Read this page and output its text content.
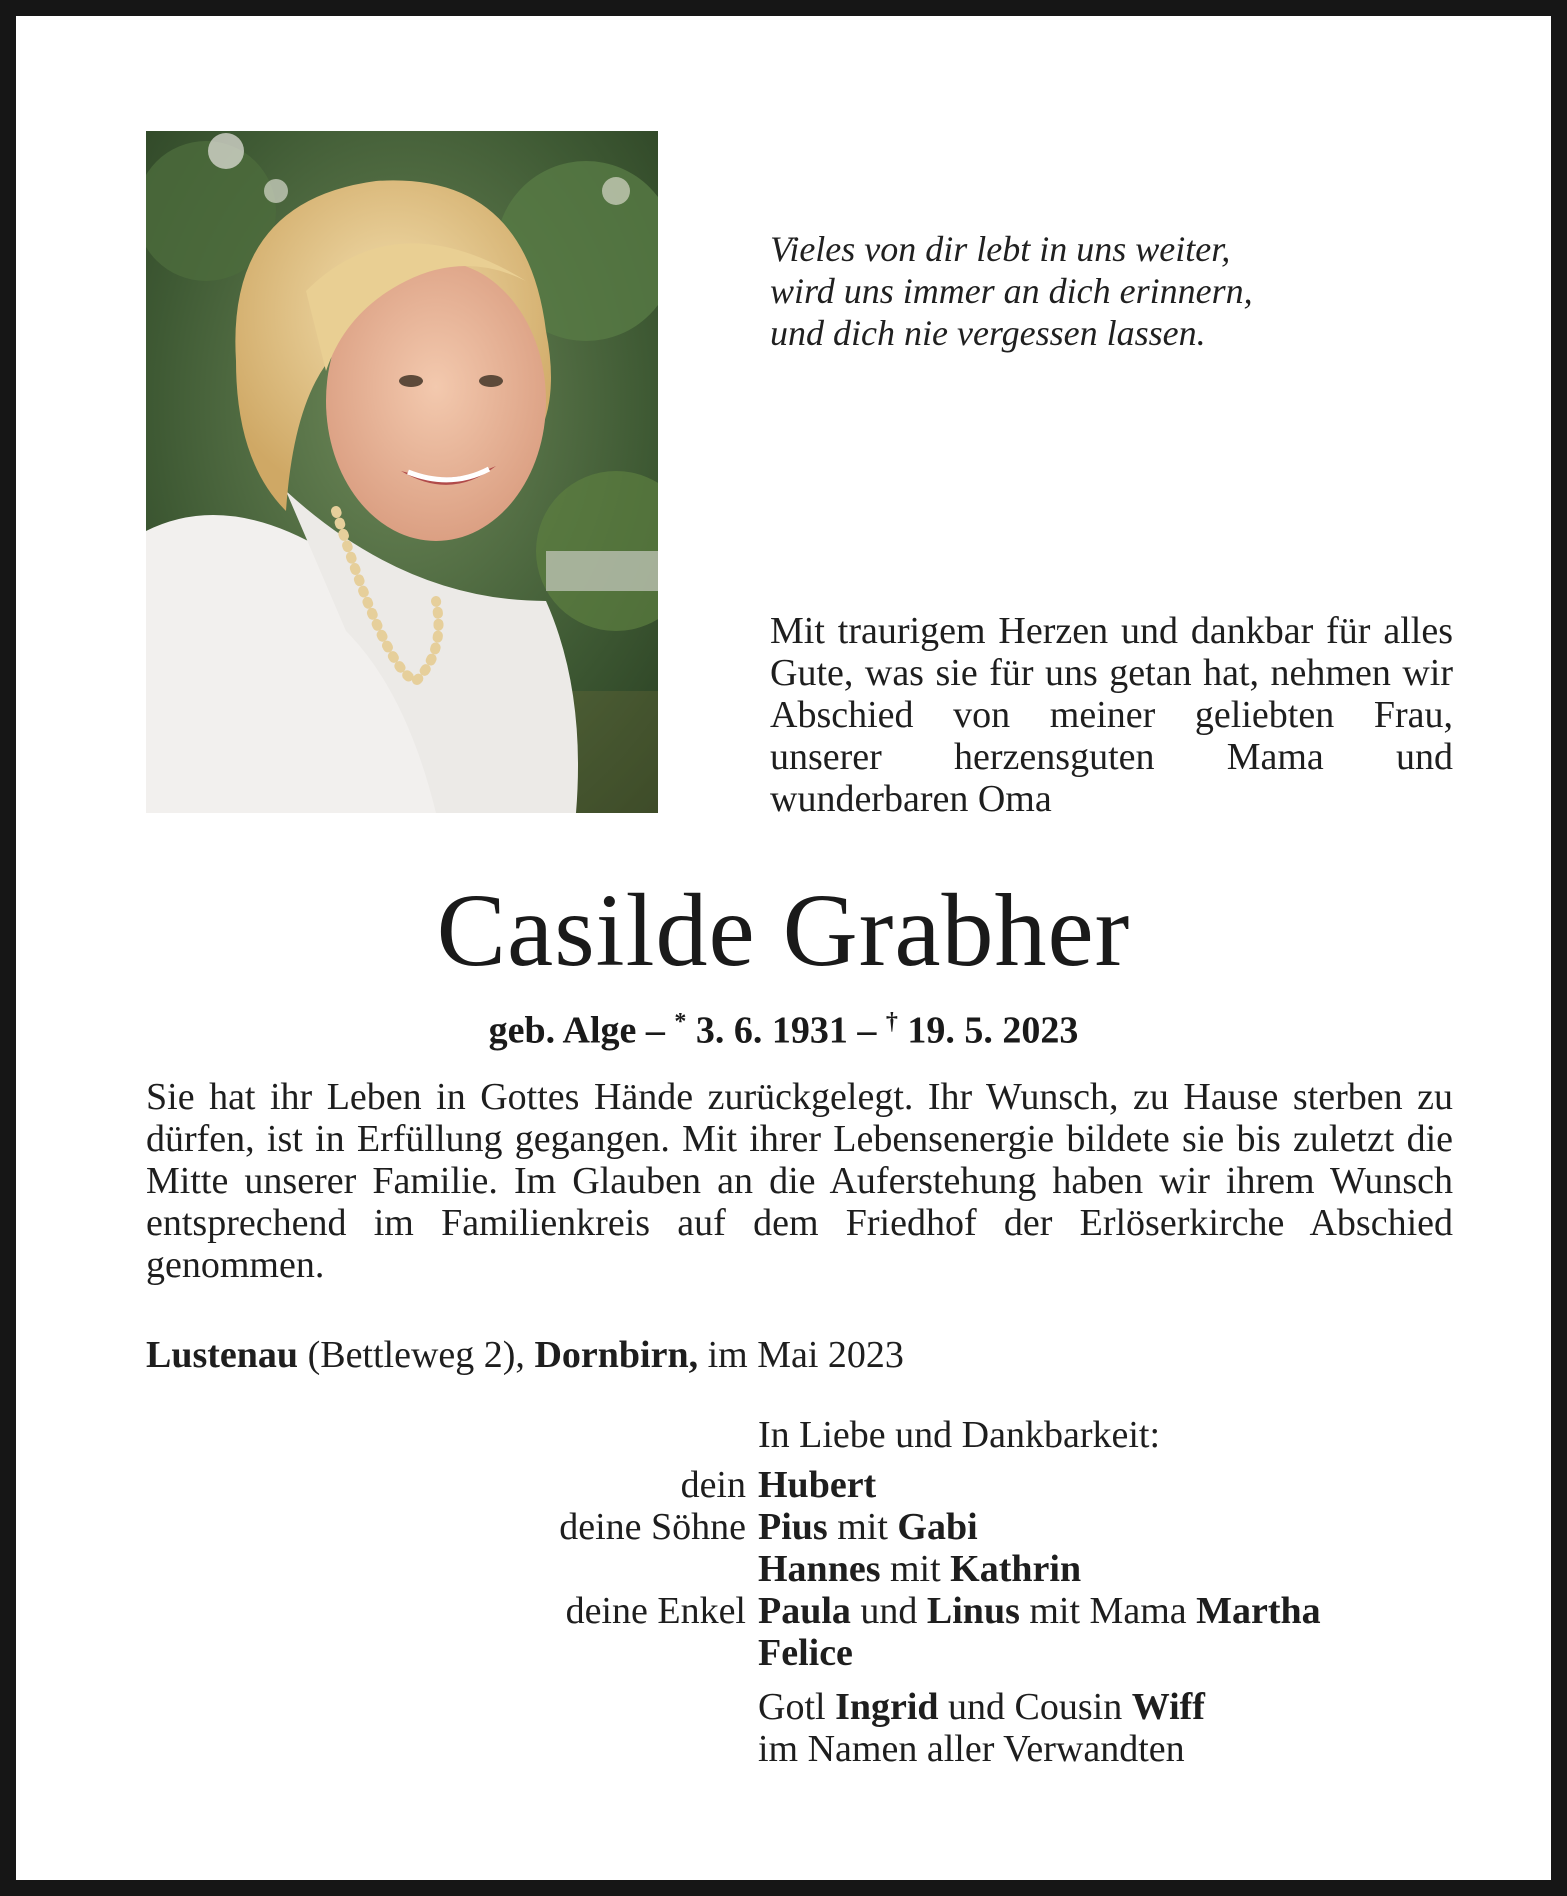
Vieles von dir lebt in uns weiter,
wird uns immer an dich erinnern,
und dich nie vergessen lassen.
Mit traurigem Herzen und dankbar für alles Gute, was sie für uns getan hat, nehmen wir Abschied von meiner geliebten Frau, unserer herzensguten Mama und wunderbaren Oma
Casilde Grabher
geb. Alge – * 3. 6. 1931 – † 19. 5. 2023
Sie hat ihr Leben in Gottes Hände zurückgelegt. Ihr Wunsch, zu Hause sterben zu dürfen, ist in Erfüllung gegangen. Mit ihrer Lebensenergie bildete sie bis zuletzt die Mitte unserer Familie. Im Glauben an die Auferstehung haben wir ihrem Wunsch entsprechend im Familienkreis auf dem Friedhof der Erlöserkirche Abschied genommen.
Lustenau (Bettleweg 2), Dornbirn, im Mai 2023
In Liebe und Dankbarkeit:
dein Hubert
deine Söhne Pius mit Gabi
Hannes mit Kathrin
deine Enkel Paula und Linus mit Mama Martha
Felice
Gotl Ingrid und Cousin Wiff
im Namen aller Verwandten
